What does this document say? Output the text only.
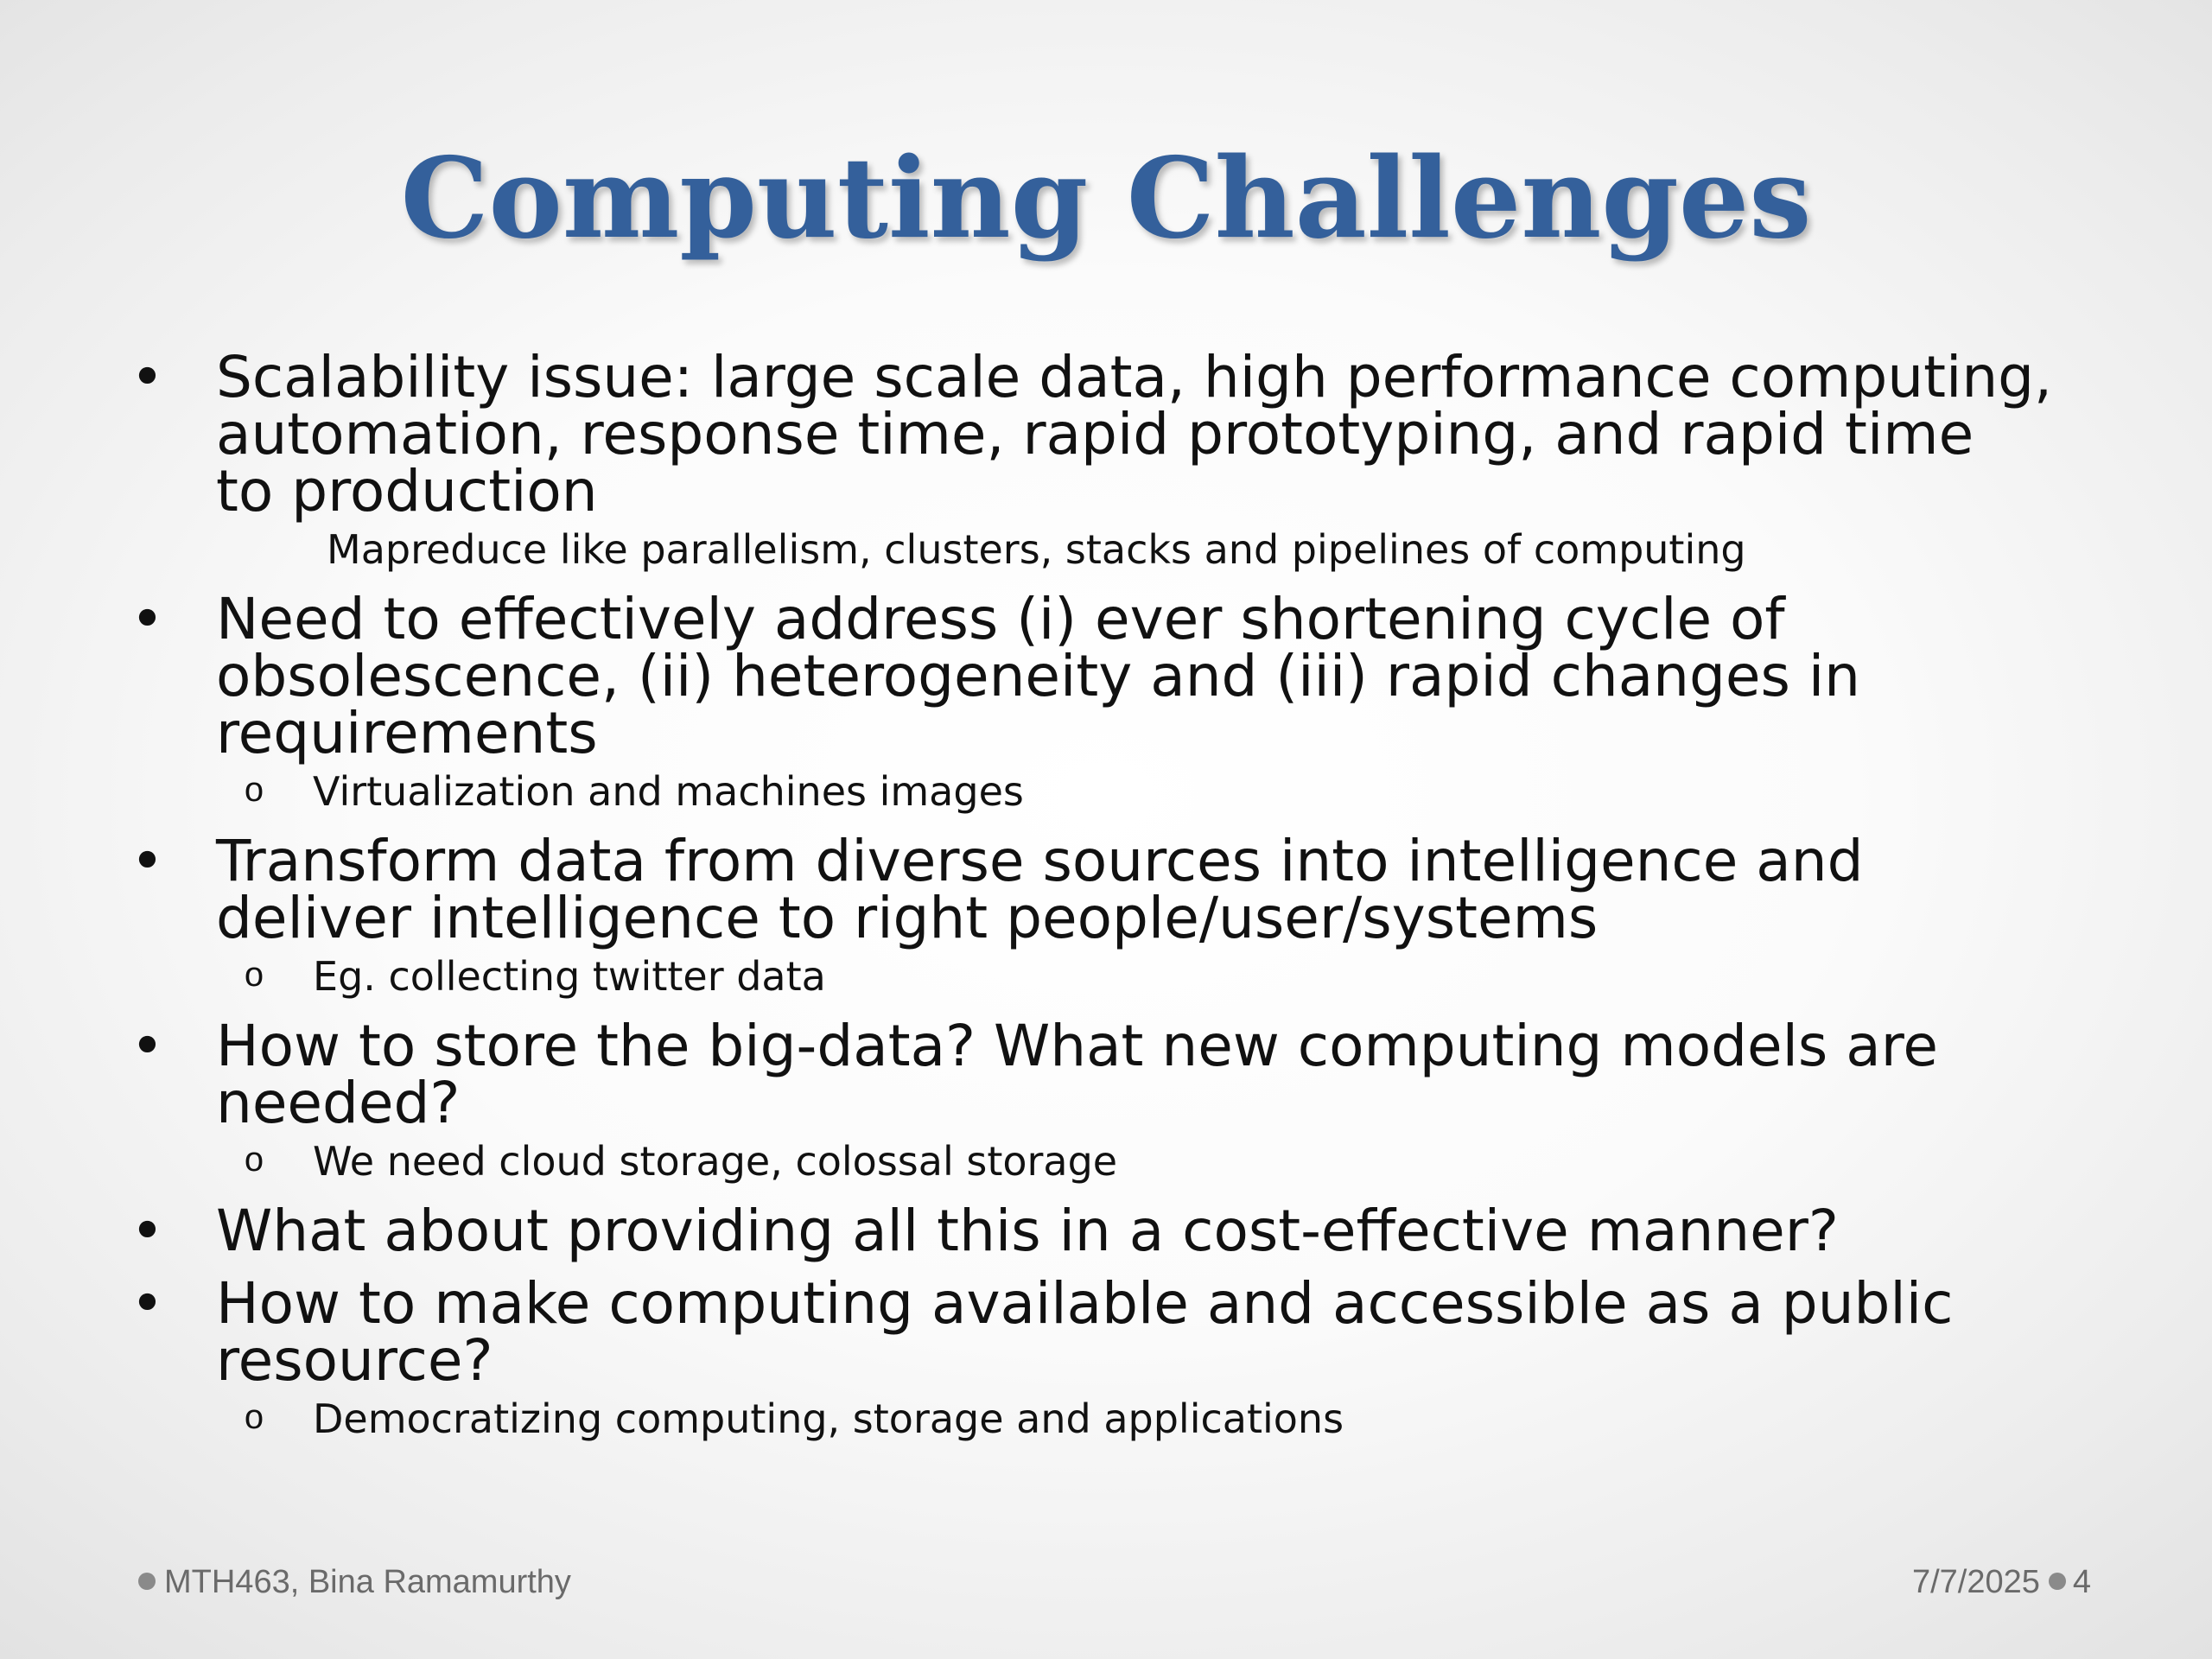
Computing Challenges
• Scalability issue: large scale data, high performance computing,
automation, response time, rapid prototyping, and rapid time
to production
Mapreduce like parallelism, clusters, stacks and pipelines of computing
• Need to effectively address (i) ever shortening cycle of
obsolescence, (ii) heterogeneity and (iii) rapid changes in
requirements
o Virtualization and machines images
• Transform data from diverse sources into intelligence and
deliver intelligence to right people/user/systems
o Eg. collecting twitter data
• How to store the big-data? What new computing models are
needed?
o We need cloud storage, colossal storage
• What about providing all this in a cost-effective manner?
• How to make computing available and accessible as a public
resource?
o Democratizing computing, storage and applications
MTH463, Bina Ramamurthy	7/7/2025 4
